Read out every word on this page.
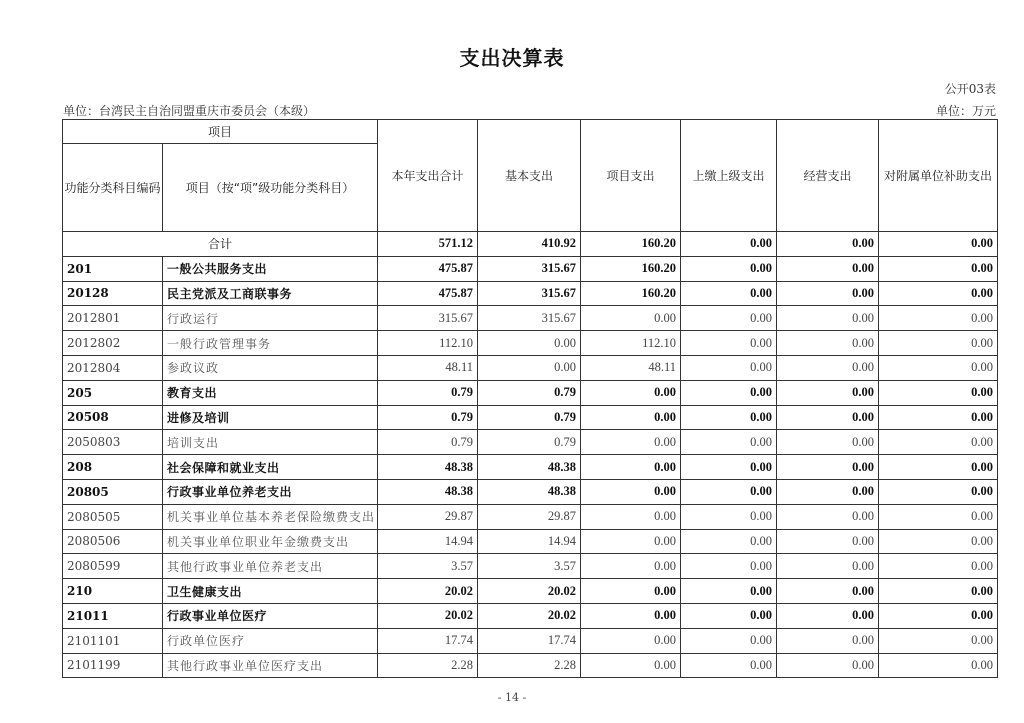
支出决算表
公开03表
单位：台湾民主自治同盟重庆市委员会（本级）	单位：万元
项目		本年支出合计	基本支出	项目支出	上缴上级支出	经营支出	对附属单位补助支出
功能分类科目编码	项目（按“项”级功能分类科目）						
合计		571.12	410.92	160.20	0.00	0.00	0.00
201	一般公共服务支出	475.87	315.67	160.20	0.00	0.00	0.00
20128	民主党派及工商联事务	475.87	315.67	160.20	0.00	0.00	0.00
2012801	行政运行	315.67	315.67	0.00	0.00	0.00	0.00
2012802	一般行政管理事务	112.10	0.00	112.10	0.00	0.00	0.00
2012804	参政议政	48.11	0.00	48.11	0.00	0.00	0.00
205	教育支出	0.79	0.79	0.00	0.00	0.00	0.00
20508	进修及培训	0.79	0.79	0.00	0.00	0.00	0.00
2050803	培训支出	0.79	0.79	0.00	0.00	0.00	0.00
208	社会保障和就业支出	48.38	48.38	0.00	0.00	0.00	0.00
20805	行政事业单位养老支出	48.38	48.38	0.00	0.00	0.00	0.00
2080505	机关事业单位基本养老保险缴费支出	29.87	29.87	0.00	0.00	0.00	0.00
2080506	机关事业单位职业年金缴费支出	14.94	14.94	0.00	0.00	0.00	0.00
2080599	其他行政事业单位养老支出	3.57	3.57	0.00	0.00	0.00	0.00
210	卫生健康支出	20.02	20.02	0.00	0.00	0.00	0.00
21011	行政事业单位医疗	20.02	20.02	0.00	0.00	0.00	0.00
2101101	行政单位医疗	17.74	17.74	0.00	0.00	0.00	0.00
2101199	其他行政事业单位医疗支出	2.28	2.28	0.00	0.00	0.00	0.00
- 14 -
